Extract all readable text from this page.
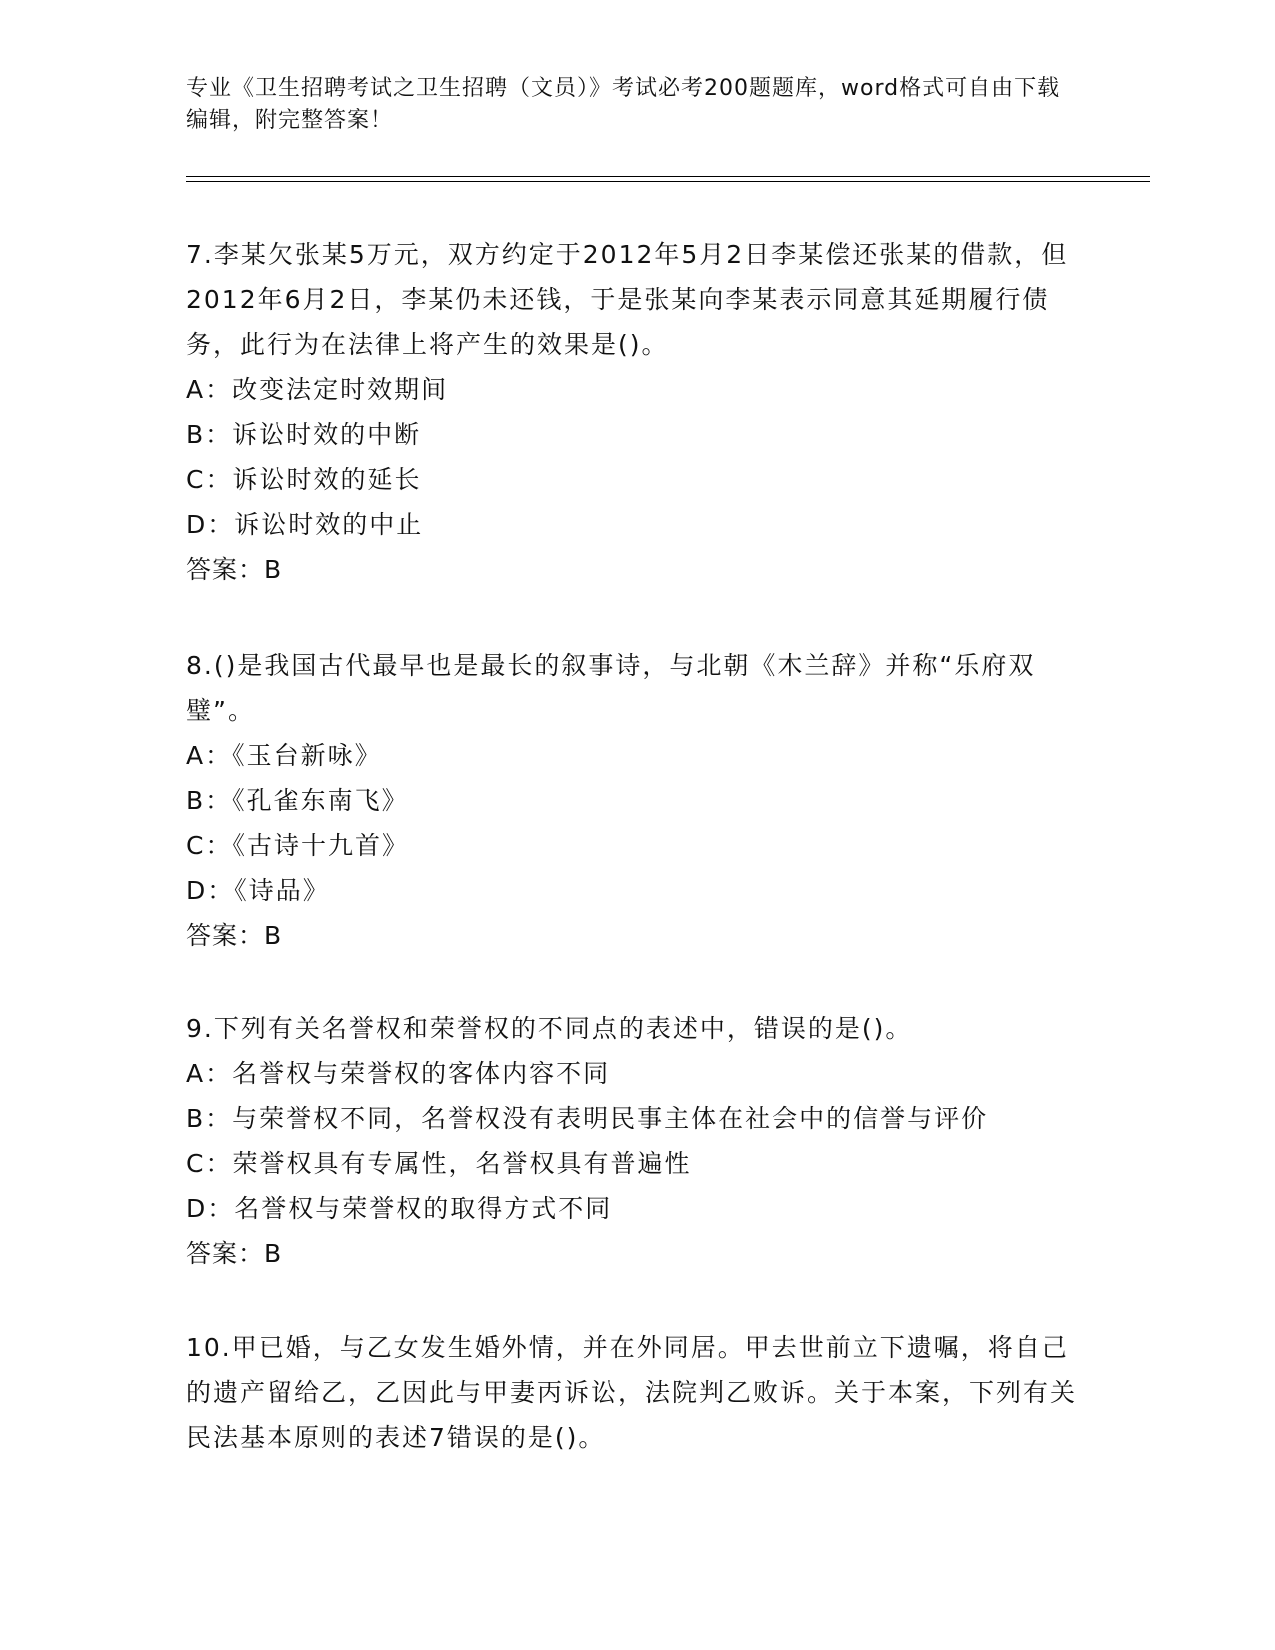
专业《卫生招聘考试之卫生招聘（文员）》考试必考200题题库，word格式可自由下载编辑，附完整答案！

7.李某欠张某5万元，双方约定于2012年5月2日李某偿还张某的借款，但2012年6月2日，李某仍未还钱，于是张某向李某表示同意其延期履行债务，此行为在法律上将产生的效果是()。

A：改变法定时效期间

B：诉讼时效的中断

C：诉讼时效的延长

D：诉讼时效的中止

答案：B

8.()是我国古代最早也是最长的叙事诗，与北朝《木兰辞》并称“乐府双璧”。

A：《玉台新咏》

B：《孔雀东南飞》

C：《古诗十九首》

D：《诗品》

答案：B

9.下列有关名誉权和荣誉权的不同点的表述中，错误的是()。

A：名誉权与荣誉权的客体内容不同

B：与荣誉权不同，名誉权没有表明民事主体在社会中的信誉与评价

C：荣誉权具有专属性，名誉权具有普遍性

D：名誉权与荣誉权的取得方式不同

答案：B

10.甲已婚，与乙女发生婚外情，并在外同居。甲去世前立下遗嘱，将自己的遗产留给乙，乙因此与甲妻丙诉讼，法院判乙败诉。关于本案，下列有关民法基本原则的表述7错误的是()。
